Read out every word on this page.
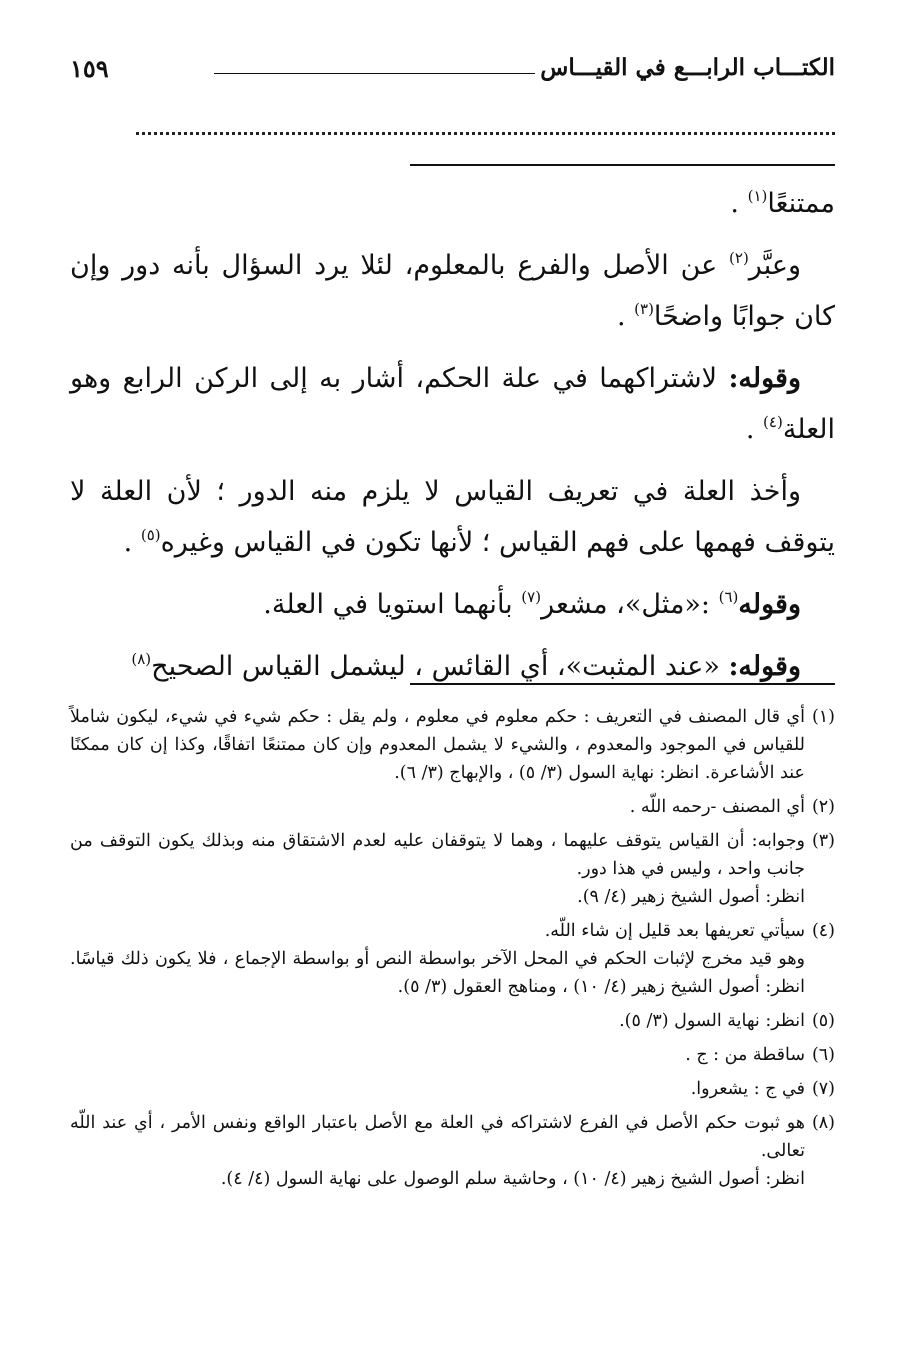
الكتـــاب الرابـــع في القيـــاس
١٥٩

ممتنعًا$^{(١)}$ .

وعبَّر$^{(٢)}$ عن الأصل والفرع بالمعلوم، لئلا يرد السؤال بأنه دور وإن كان جوابًا واضحًا$^{(٣)}$ .

وقوله: لاشتراكهما في علة الحكم، أشار به إلى الركن الرابع وهو العلة$^{(٤)}$ .

وأخذ العلة في تعريف القياس لا يلزم منه الدور ؛ لأن العلة لا يتوقف فهمها على فهم القياس ؛ لأنها تكون في القياس وغيره$^{(٥)}$ .

وقوله$^{(٦)}$ :«مثل»، مشعر$^{(٧)}$ بأنهما استويا في العلة.

وقوله: «عند المثبت»، أي القائس ، ليشمل القياس الصحيح$^{(٨)}$

(١)

أي قال المصنف في التعريف : حكم معلوم في معلوم ، ولم يقل : حكم شيء في شيء، ليكون شاملاً للقياس في الموجود والمعدوم ، والشيء لا يشمل المعدوم وإن كان ممتنعًا اتفاقًا، وكذا إن كان ممكنًا عند الأشاعرة. انظر: نهاية السول (٣/ ٥) ، والإبهاج (٣/ ٦).

(٢)

أي المصنف -رحمه اللّه .

(٣)

وجوابه: أن القياس يتوقف عليهما ، وهما لا يتوقفان عليه لعدم الاشتقاق منه وبذلك يكون التوقف من جانب واحد ، وليس في هذا دور.

انظر: أصول الشيخ زهير (٤/ ٩).

(٤)

سيأتي تعريفها بعد قليل إن شاء اللّه.

وهو قيد مخرج لإثبات الحكم في المحل الآخر بواسطة النص أو بواسطة الإجماع ، فلا يكون ذلك قياسًا. انظر: أصول الشيخ زهير (٤/ ١٠) ، ومناهج العقول (٣/ ٥).

(٥)

انظر: نهاية السول (٣/ ٥).

(٦)

ساقطة من : ج .

(٧)

في ج : يشعروا.

(٨)

هو ثبوت حكم الأصل في الفرع لاشتراكه في العلة مع الأصل باعتبار الواقع ونفس الأمر ، أي عند اللّه تعالى.

انظر: أصول الشيخ زهير (٤/ ١٠) ، وحاشية سلم الوصول على نهاية السول (٤/ ٤).
